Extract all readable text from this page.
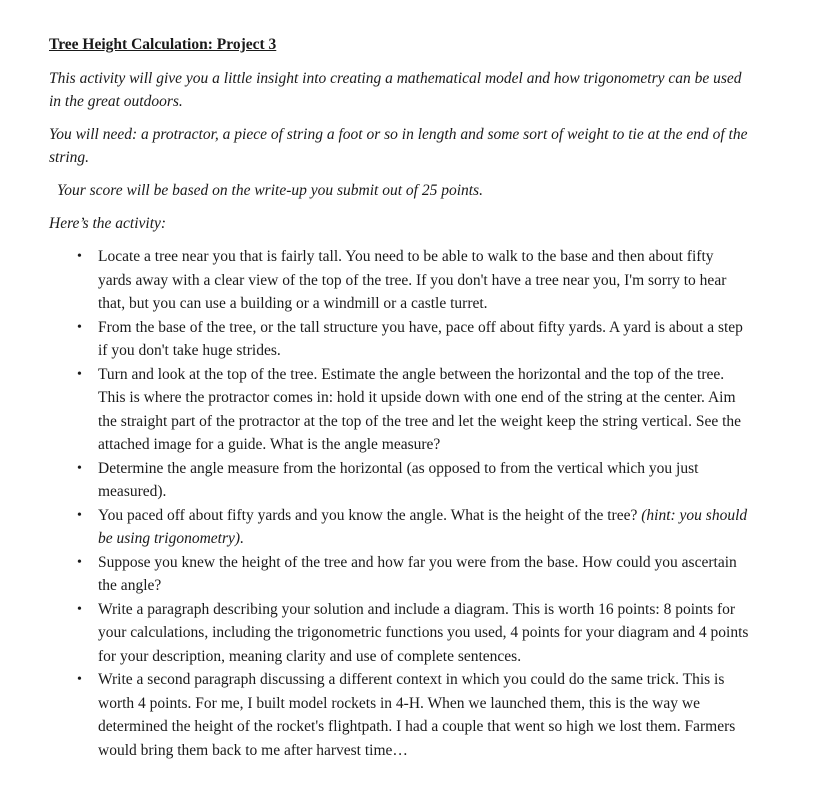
Tree Height Calculation: Project 3
This activity will give you a little insight into creating a mathematical model and how trigonometry can be used in the great outdoors.
You will need: a protractor, a piece of string a foot or so in length and some sort of weight to tie at the end of the string.
Your score will be based on the write-up you submit out of 25 points.
Here’s the activity:
• Locate a tree near you that is fairly tall. You need to be able to walk to the base and then about fifty yards away with a clear view of the top of the tree. If you don't have a tree near you, I'm sorry to hear that, but you can use a building or a windmill or a castle turret.
• From the base of the tree, or the tall structure you have, pace off about fifty yards. A yard is about a step if you don't take huge strides.
• Turn and look at the top of the tree. Estimate the angle between the horizontal and the top of the tree. This is where the protractor comes in: hold it upside down with one end of the string at the center. Aim the straight part of the protractor at the top of the tree and let the weight keep the string vertical. See the attached image for a guide. What is the angle measure?
• Determine the angle measure from the horizontal (as opposed to from the vertical which you just measured).
• You paced off about fifty yards and you know the angle. What is the height of the tree? (hint: you should be using trigonometry).
• Suppose you knew the height of the tree and how far you were from the base. How could you ascertain the angle?
• Write a paragraph describing your solution and include a diagram. This is worth 16 points: 8 points for your calculations, including the trigonometric functions you used, 4 points for your diagram and 4 points for your description, meaning clarity and use of complete sentences.
• Write a second paragraph discussing a different context in which you could do the same trick. This is worth 4 points. For me, I built model rockets in 4-H. When we launched them, this is the way we determined the height of the rocket's flightpath. I had a couple that went so high we lost them. Farmers would bring them back to me after harvest time…
